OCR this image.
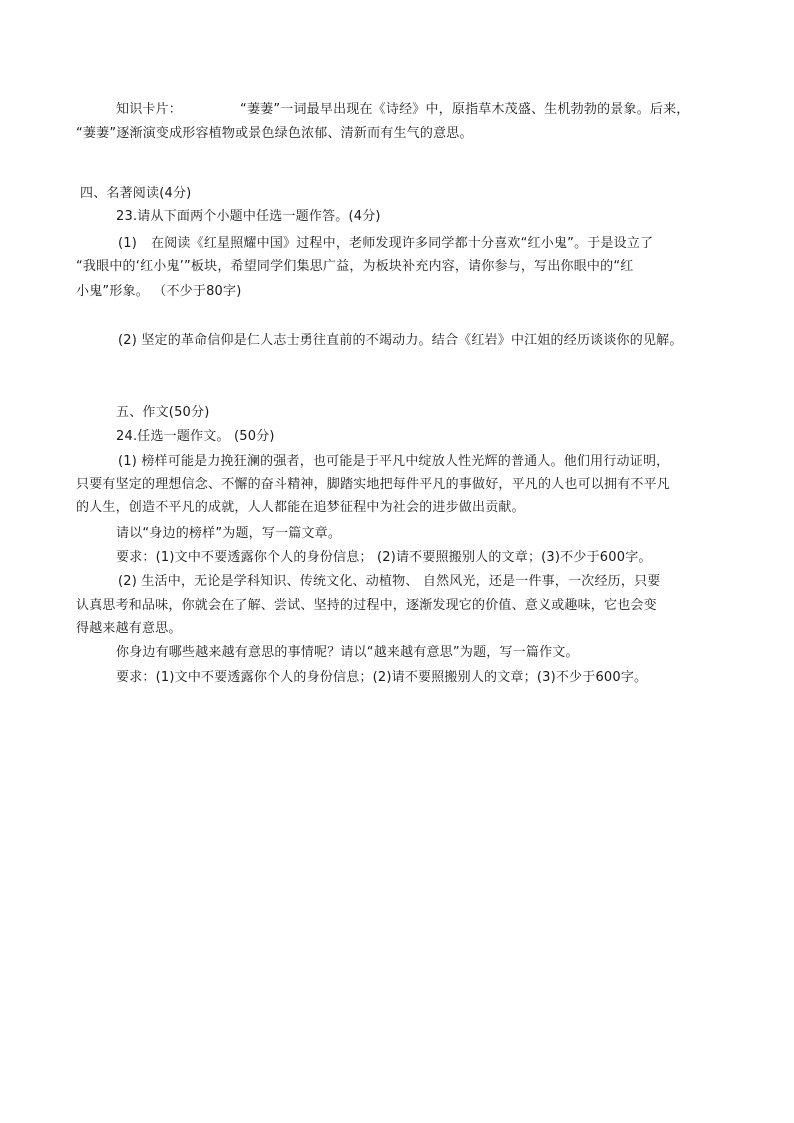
知识卡片：	“萋萋”一词最早出现在《诗经》中，原指草木茂盛、生机勃勃的景象。后来，
“萋萋”逐渐演变成形容植物或景色绿色浓郁、清新而有生气的意思。
四、名著阅读(4分)
23.请从下面两个小题中任选一题作答。(4分)
(1) 在阅读《红星照耀中国》过程中，老师发现许多同学都十分喜欢“红小鬼”。于是设立了
“我眼中的‘红小鬼’”板块，希望同学们集思广益，为板块补充内容，请你参与，写出你眼中的“红
小鬼”形象。 （不少于80字)
(2) 坚定的革命信仰是仁人志士勇往直前的不竭动力。结合《红岩》中江姐的经历谈谈你的见解。
五、作文(50分)
24.任选一题作文。 (50分)
(1) 榜样可能是力挽狂澜的强者，也可能是于平凡中绽放人性光辉的普通人。他们用行动证明，
只要有坚定的理想信念、不懈的奋斗精神，脚踏实地把每件平凡的事做好，平凡的人也可以拥有不平凡
的人生，创造不平凡的成就，人人都能在追梦征程中为社会的进步做出贡献。
请以“身边的榜样”为题，写一篇文章。
要求：(1)文中不要透露你个人的身份信息； (2)请不要照搬别人的文章；(3)不少于600字。
(2) 生活中，无论是学科知识、传统文化、动植物、 自然风光，还是一件事，一次经历，只要
认真思考和品味，你就会在了解、尝试、坚持的过程中，逐渐发现它的价值、意义或趣味，它也会变
得越来越有意思。
你身边有哪些越来越有意思的事情呢？请以“越来越有意思”为题，写一篇作文。
要求：(1)文中不要透露你个人的身份信息；(2)请不要照搬别人的文章；(3)不少于600字。
